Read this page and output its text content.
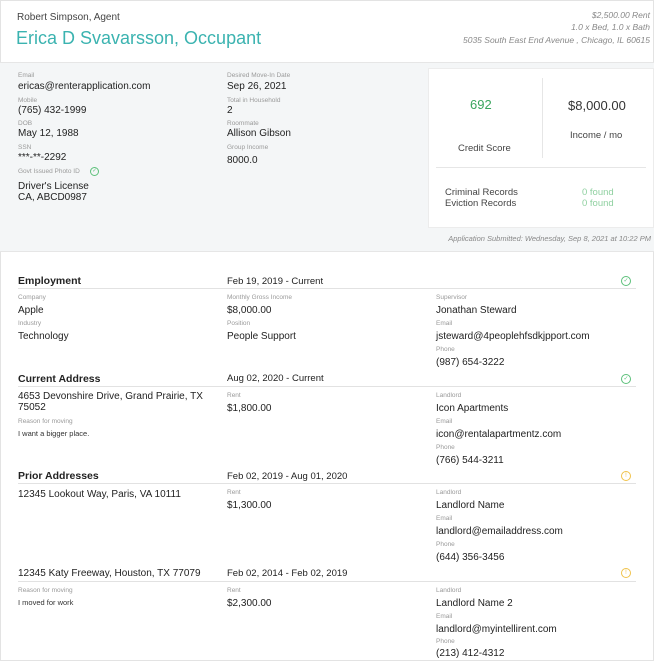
Robert Simpson, Agent
Erica D Svavarsson, Occupant
$2,500.00 Rent
1.0 x Bed, 1.0 x Bath
5035 South East End Avenue , Chicago, IL 60615
Email
ericas@renterapplication.com
Mobile
(765) 432-1999
DOB
May 12, 1988
SSN
***-**-2292
Govt Issued Photo ID	✓
Driver's License
CA, ABCD0987
Desired Move-In Date
Sep 26, 2021
Total in Household
2
Roommate
Allison Gibson
Group Income
8000.0
692
Credit Score
$8,000.00
Income / mo
Criminal Records	0 found
Eviction Records	0 found
Application Submitted: Wednesday, Sep 8, 2021 at 10:22 PM
Employment	Feb 19, 2019 - Current	✓
Company
Apple
Industry
Technology
Monthly Gross Income
$8,000.00
Position
People Support
Supervisor
Jonathan Steward
Email
jsteward@4peoplehfsdkjpport.com
Phone
(987) 654-3222
Current Address	Aug 02, 2020 - Current	✓
4653 Devonshire Drive, Grand Prairie, TX
75052
Reason for moving
I want a bigger place.
Rent
$1,800.00
Landlord
Icon Apartments
Email
icon@rentalapartmentz.com
Phone
(766) 544-3211
Prior Addresses	Feb 02, 2019 - Aug 01, 2020	!
12345 Lookout Way, Paris, VA 10111	Rent
$1,300.00
Landlord
Landlord Name
Email
landlord@emailaddress.com
Phone
(644) 356-3456
12345 Katy Freeway, Houston, TX 77079	Feb 02, 2014 - Feb 02, 2019	!
Reason for moving
I moved for work
Rent
$2,300.00
Landlord
Landlord Name 2
Email
landlord@myintellirent.com
Phone
(213) 412-4312
